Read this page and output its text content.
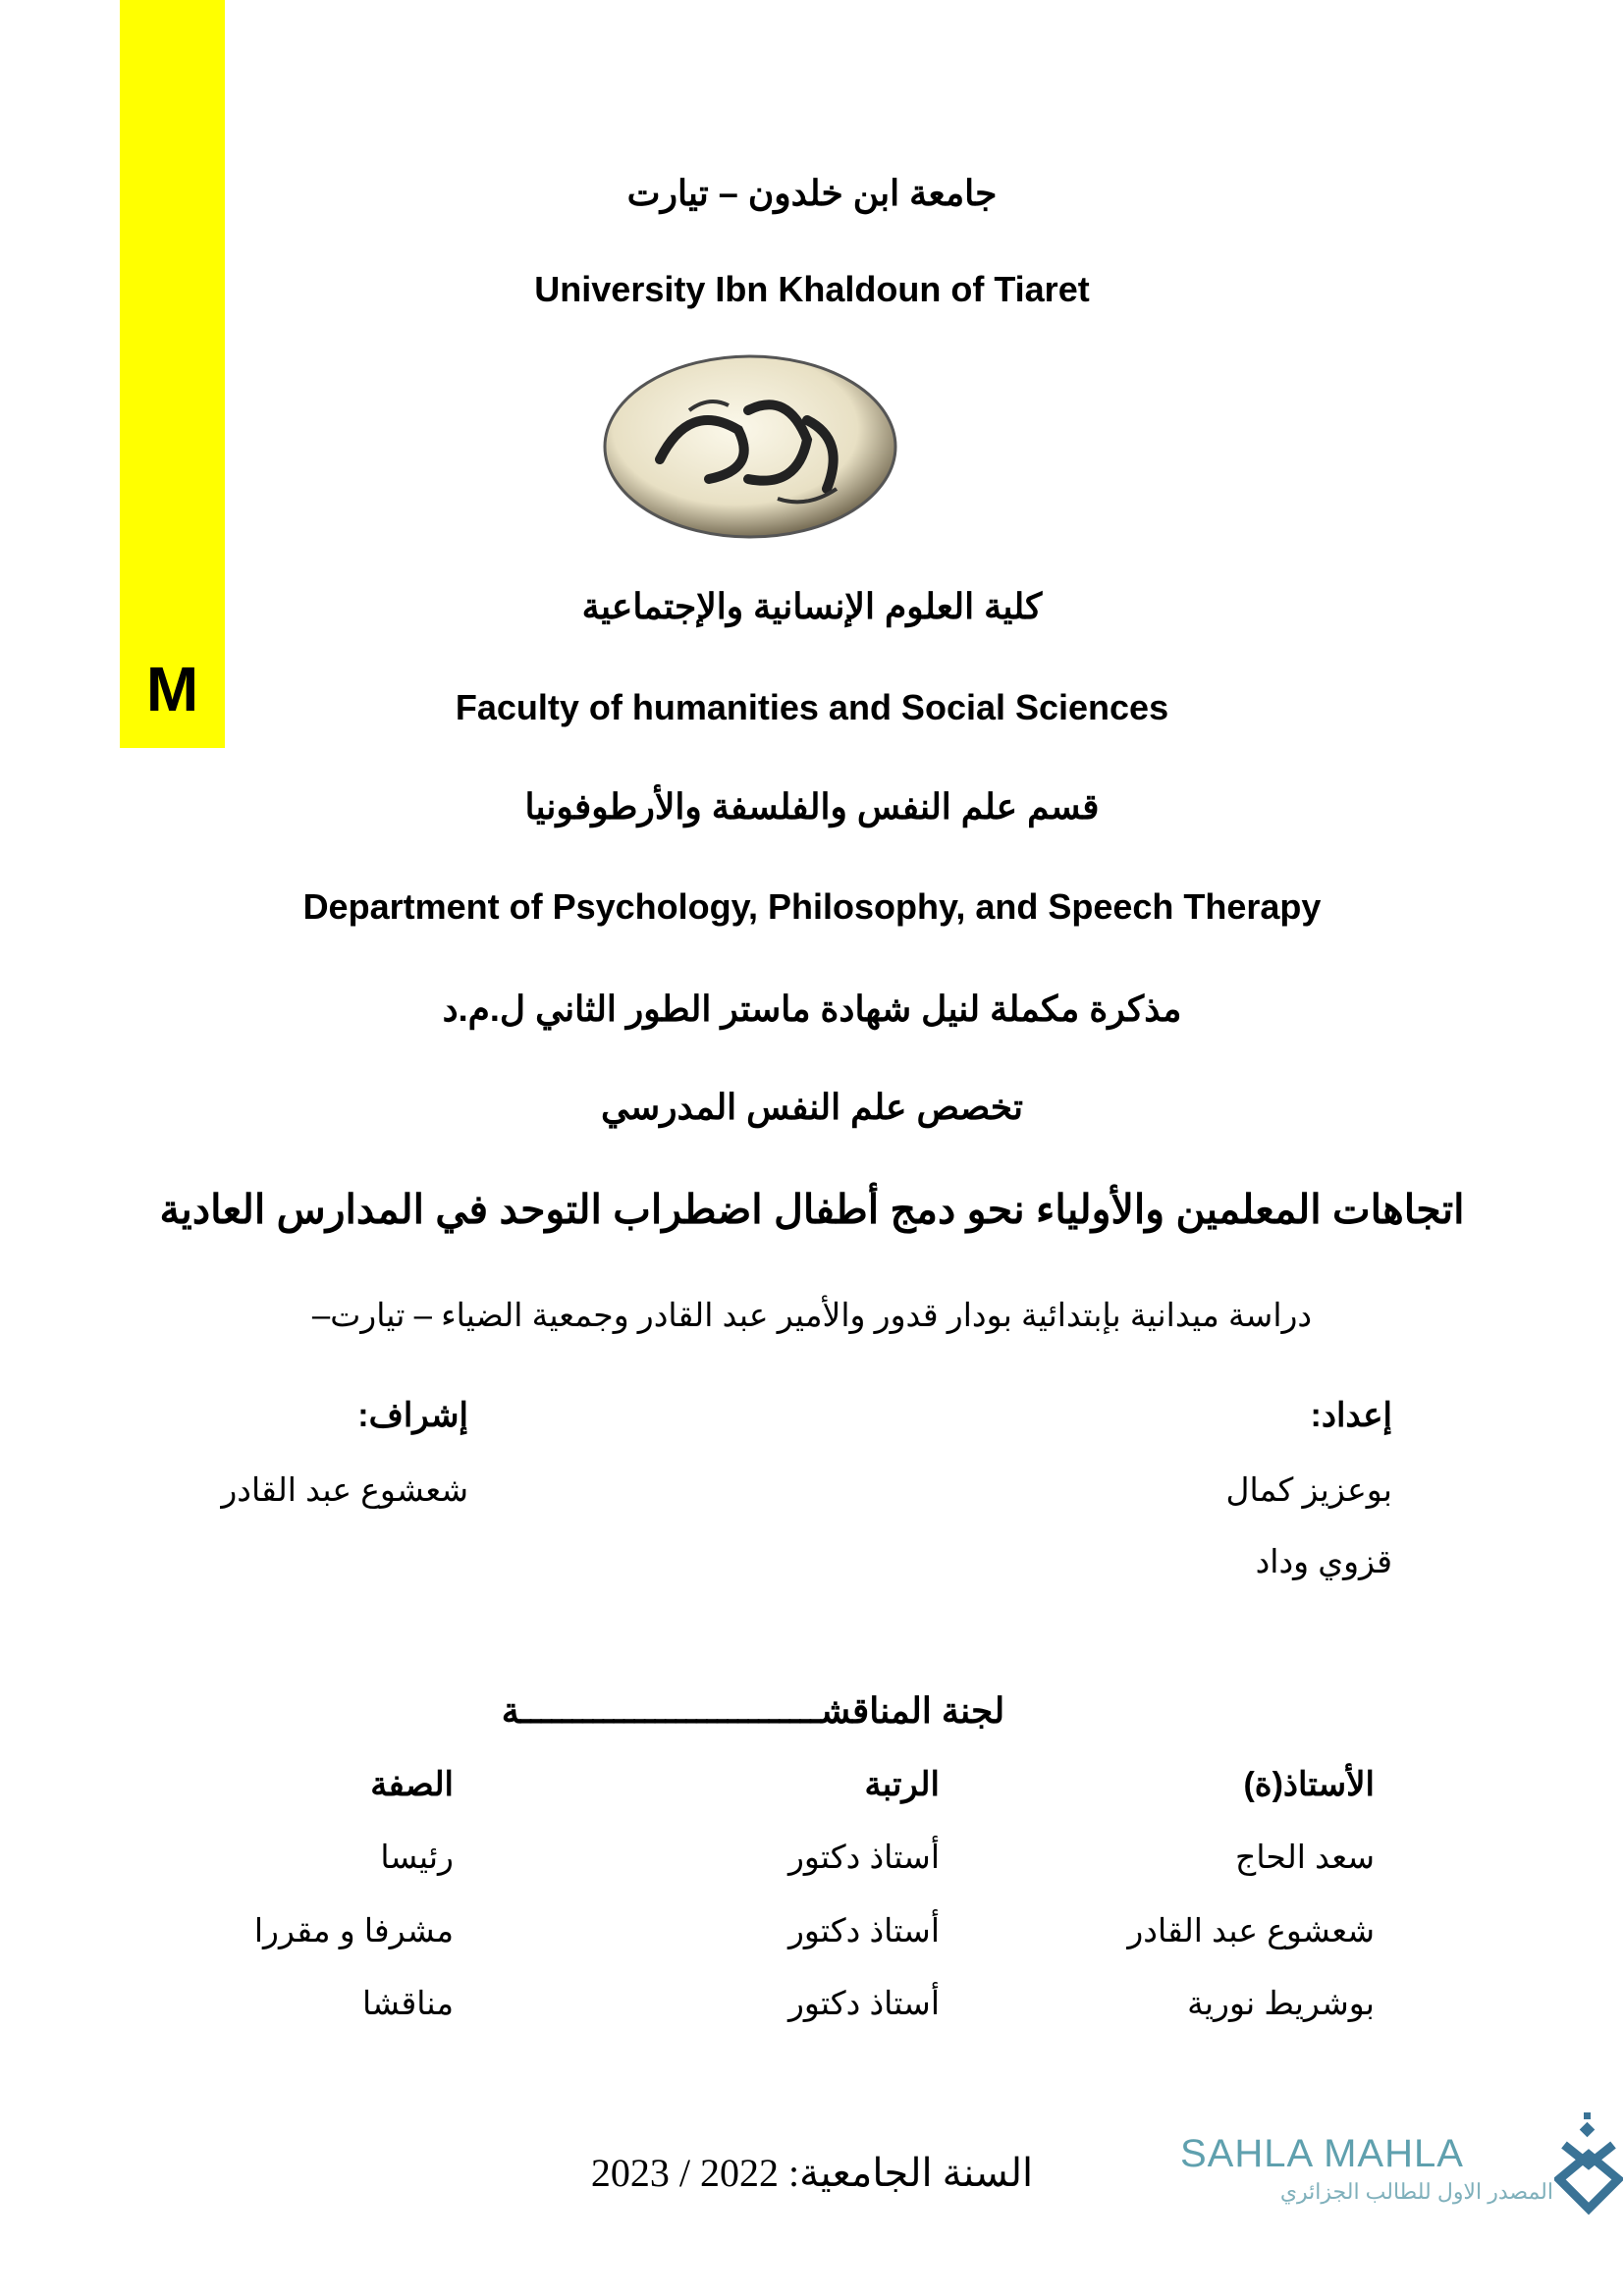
M
جامعة ابن خلدون – تيارت
University Ibn Khaldoun of Tiaret
كلية العلوم الإنسانية والإجتماعية
Faculty of humanities and Social Sciences
قسم علم النفس والفلسفة والأرطوفونيا
Department of Psychology, Philosophy, and Speech Therapy
مذكرة مكملة لنيل شهادة ماستر الطور الثاني ل.م.د
تخصص علم النفس المدرسي
اتجاهات المعلمين والأولياء نحو دمج أطفال اضطراب التوحد في المدارس العادية
دراسة ميدانية بإبتدائية بودار قدور والأمير عبد القادر وجمعية الضياء – تيارت–
إعداد:
بوعزيز كمال
قزوي وداد
إشراف:
شعشوع عبد القادر
لجنة المناقشـــــــــــــــــــــــــــــة
الأستاذ(ة)
الرتبة
الصفة
سعد الحاج
أستاذ دكتور
رئيسا
شعشوع عبد القادر
أستاذ دكتور
مشرفا و مقررا
بوشريط نورية
أستاذ دكتور
مناقشا
السنة الجامعية: 2022 / 2023	SAHLA MAHLA
المصدر الاول للطالب الجزائري
